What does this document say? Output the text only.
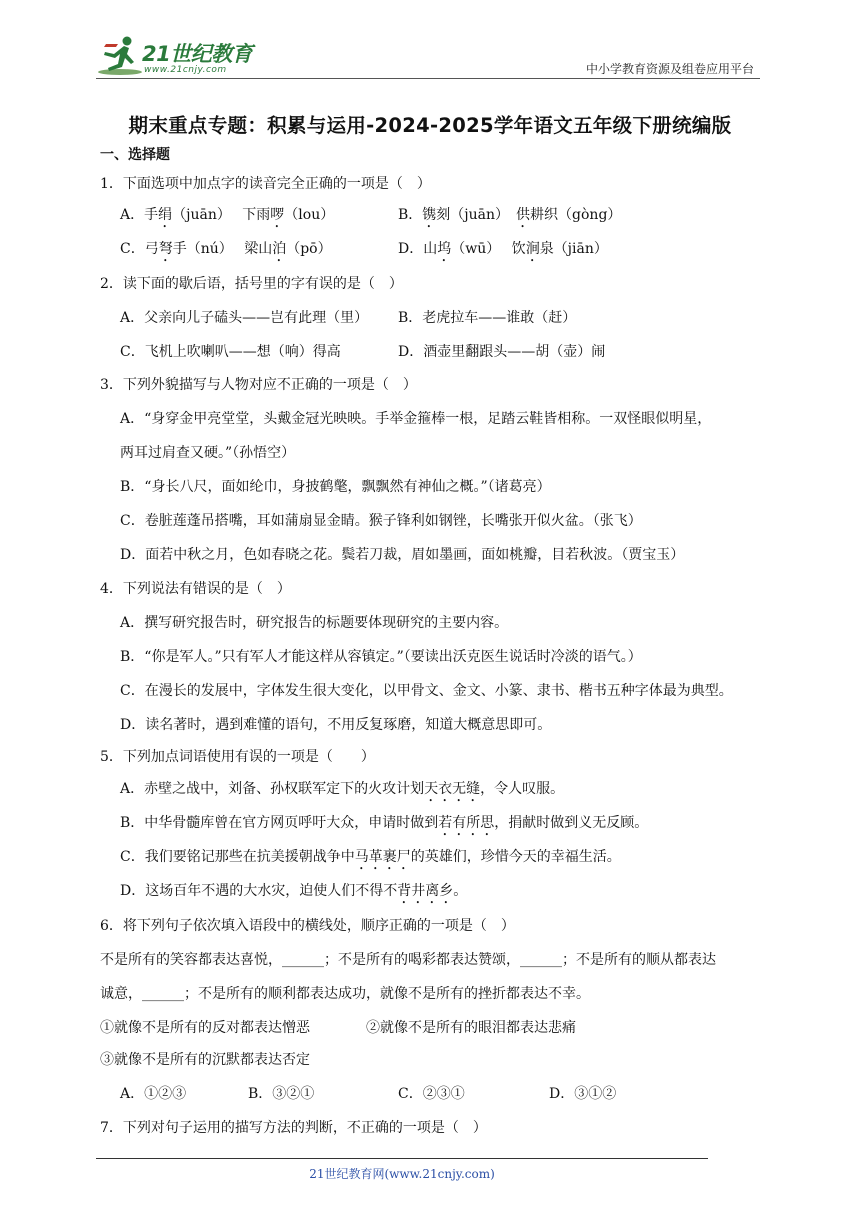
21世纪教育
www.21cnjy.com	中小学教育资源及组卷应用平台
期末重点专题：积累与运用-2024-2025学年语文五年级下册统编版
一、选择题
1．下面选项中加点字的读音完全正确的一项是（　）
A．手绢（juān）　 下雨啰（lou）	B．镌刻（juān）　供耕织（gòng）
C．弓弩手（nú）　 梁山泊（pō）	D．山坞（wū）　 饮涧泉（jiān）
2．读下面的歇后语，括号里的字有误的是（　）
A．父亲向儿子磕头——岂有此理（里） B．老虎拉车——谁敢（赶）
C．飞机上吹喇叭——想（响）得高	D．酒壶里翻跟头——胡（壶）闹
3．下列外貌描写与人物对应不正确的一项是（　）
A．“身穿金甲亮堂堂，头戴金冠光映映。手举金箍棒一根，足踏云鞋皆相称。一双怪眼似明星，
两耳过肩查又硬。”（孙悟空）
B．“身长八尺，面如纶巾，身披鹤氅，飘飘然有神仙之概。”（诸葛亮）
C．卷脏莲蓬吊搭嘴，耳如蒲扇显金睛。猴子锋利如钢锉，长嘴张开似火盆。（张飞）
D．面若中秋之月，色如春晓之花。鬓若刀裁，眉如墨画，面如桃瓣，目若秋波。（贾宝玉）
4．下列说法有错误的是（　）
A．撰写研究报告时，研究报告的标题要体现研究的主要内容。
B．“你是军人。”只有军人才能这样从容镇定。”（要读出沃克医生说话时冷淡的语气。）
C．在漫长的发展中，字体发生很大变化，以甲骨文、金文、小篆、隶书、楷书五种字体最为典型。
D．读名著时，遇到难懂的语句，不用反复琢磨，知道大概意思即可。
5．下列加点词语使用有误的一项是（　　）
A．赤壁之战中，刘备、孙权联军定下的火攻计划天衣无缝，令人叹服。
B．中华骨髓库曾在官方网页呼吁大众，申请时做到若有所思，捐献时做到义无反顾。
C．我们要铭记那些在抗美援朝战争中马革裹尸的英雄们，珍惜今天的幸福生活。
D．这场百年不遇的大水灾，迫使人们不得不背井离乡。
6．将下列句子依次填入语段中的横线处，顺序正确的一项是（　）
不是所有的笑容都表达喜悦，______；不是所有的喝彩都表达赞颂，______；不是所有的顺从都表达
诚意，______；不是所有的顺利都表达成功，就像不是所有的挫折都表达不幸。
①就像不是所有的反对都表达憎恶	②就像不是所有的眼泪都表达悲痛
③就像不是所有的沉默都表达否定
A．①②③	B．③②①	C．②③①	D．③①②
7．下列对句子运用的描写方法的判断，不正确的一项是（　）
21世纪教育网(www.21cnjy.com)
